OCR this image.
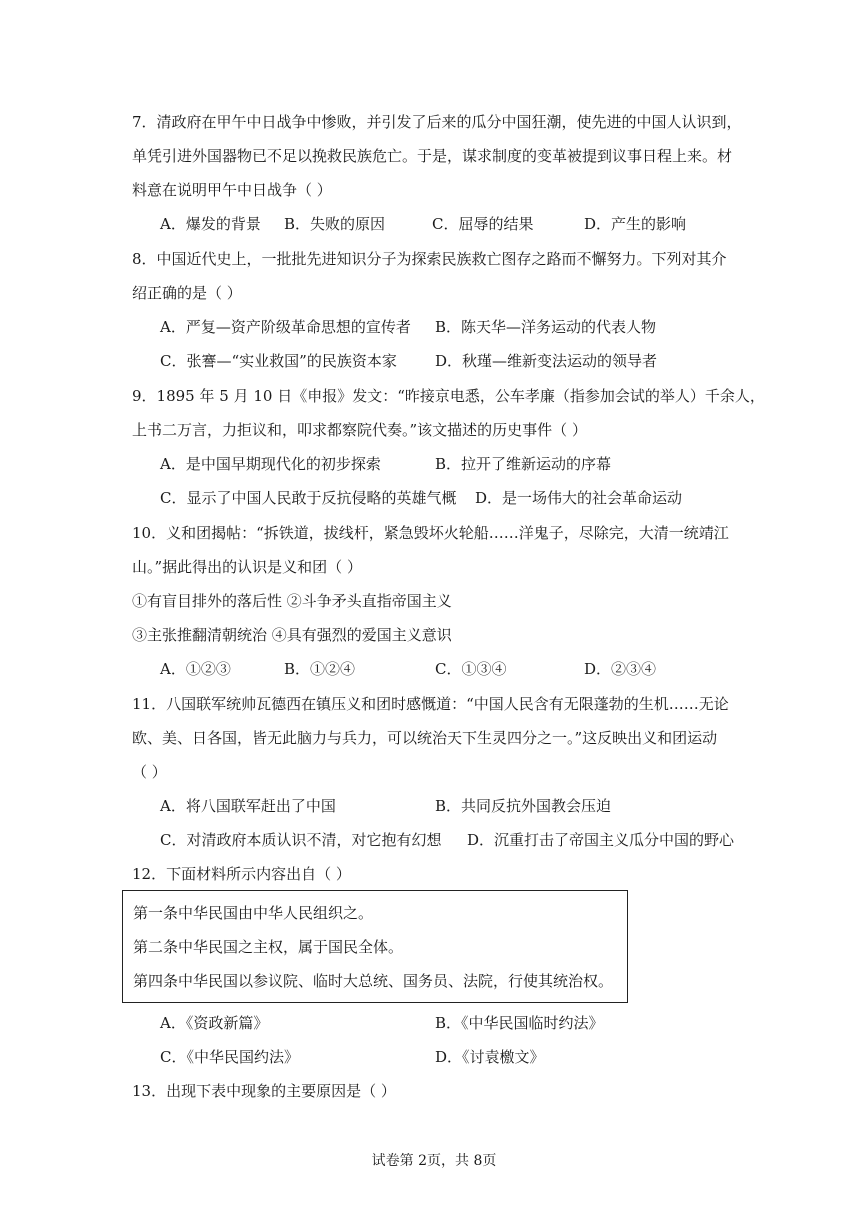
7．清政府在甲午中日战争中惨败，并引发了后来的瓜分中国狂潮，使先进的中国人认识到，
单凭引进外国器物已不足以挽救民族危亡。于是，谋求制度的变革被提到议事日程上来。材
料意在说明甲午中日战争（ ）
A．爆发的背景 B．失败的原因	C．屈辱的结果	D．产生的影响
8．中国近代史上，一批批先进知识分子为探索民族救亡图存之路而不懈努力。下列对其介
绍正确的是（ ）
A．严复—资产阶级革命思想的宣传者 B．陈天华—洋务运动的代表人物
C．张謇—“实业救国”的民族资本家	D．秋瑾—维新变法运动的领导者
9．1895 年 5 月 10 日《申报》发文：“昨接京电悉，公车孝廉（指参加会试的举人）千余人，
上书二万言，力拒议和，叩求都察院代奏。”该文描述的历史事件（ ）
A．是中国早期现代化的初步探索	B．拉开了维新运动的序幕
C．显示了中国人民敢于反抗侵略的英雄气概 D．是一场伟大的社会革命运动
10．义和团揭帖：“拆铁道，拔线杆，紧急毁坏火轮船……洋鬼子，尽除完，大清一统靖江
山。”据此得出的认识是义和团（ ）
①有盲目排外的落后性 ②斗争矛头直指帝国主义
③主张推翻清朝统治 ④具有强烈的爱国主义意识
A．①②③	B．①②④	C．①③④	D．②③④
11．八国联军统帅瓦德西在镇压义和团时感慨道：“中国人民含有无限蓬勃的生机……无论
欧、美、日各国，皆无此脑力与兵力，可以统治天下生灵四分之一。”这反映出义和团运动
（ ）
A．将八国联军赶出了中国	B．共同反抗外国教会压迫
C．对清政府本质认识不清，对它抱有幻想 D．沉重打击了帝国主义瓜分中国的野心
12．下面材料所示内容出自（ ）
第一条中华民国由中华人民组织之。
第二条中华民国之主权，属于国民全体。
第四条中华民国以参议院、临时大总统、国务员、法院，行使其统治权。
A．《资政新篇》	B．《中华民国临时约法》
C．《中华民国约法》	D．《讨袁檄文》
13．出现下表中现象的主要原因是（ ）
试卷第 2页，共 8页
